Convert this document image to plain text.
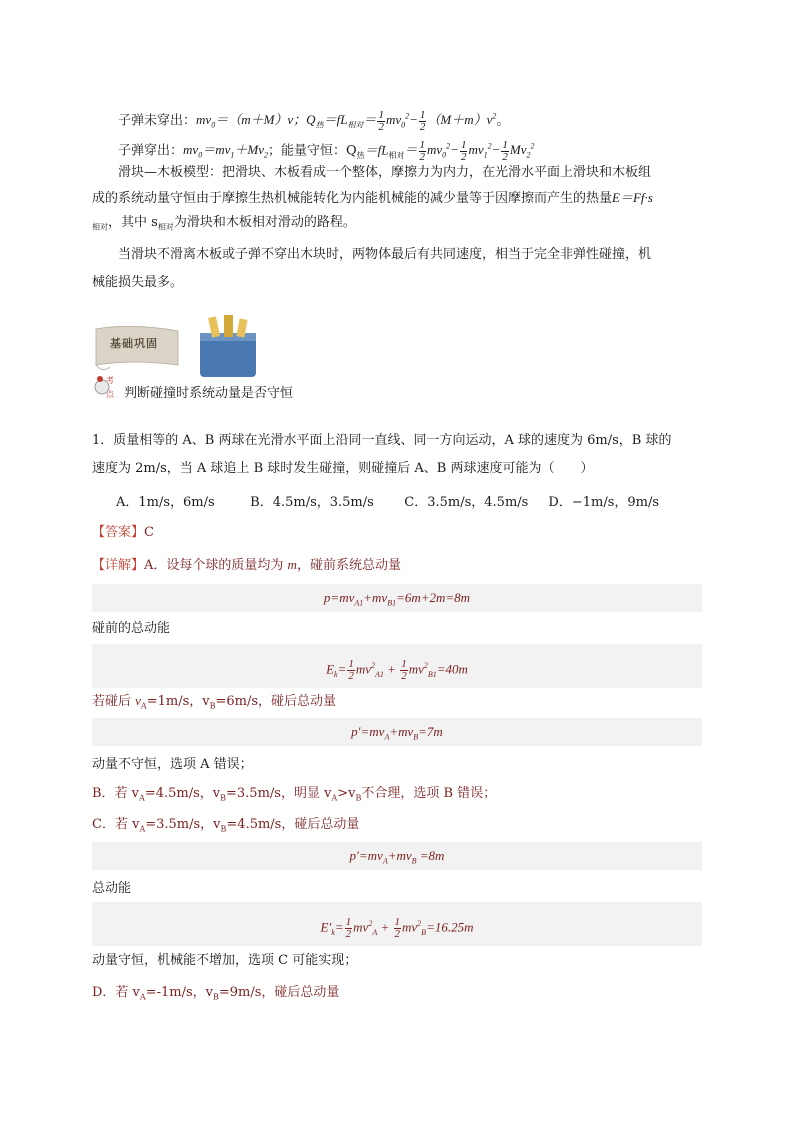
子弹未穿出：$mv_0=(m+M)v$；$Q_热=fL_{相对}= \frac{1}{2} mv_0^2- \frac{1}{2} (M+m)v^2$。
子弹穿出：$mv_0=mv_1+Mv_2$；能量守恒：$Q_热=fL_{相对}= \frac{1}{2} mv_0^2- \frac{1}{2} mv_1^2- \frac{1}{2} Mv_2^2$
滑块—木板模型：把滑块、木板看成一个整体，摩擦力为内力，在光滑水平面上滑块和木板组
成的系统动量守恒由于摩擦生热机械能转化为内能机械能的减少量等于因摩擦而产生的热量E＝Ff·s
$_{相对}$，其中 $s_{相对}$为滑块和木板相对滑动的路程。
当滑块不滑离木板或子弹不穿出木块时，两物体最后有共同速度，相当于完全非弹性碰撞，机
械能损失最多。
基础巩固
考
点 判断碰撞时系统动量是否守恒
1．质量相等的 A、B 两球在光滑水平面上沿同一直线、同一方向运动，A 球的速度为 6m/s，B 球的
速度为 2m/s，当 A 球追上 B 球时发生碰撞，则碰撞后 A、B 两球速度可能为（　　）
A．1m/s，6m/s	B．4.5m/s，3.5m/s C．3.5m/s，4.5m/s D．−1m/s，9m/s
【答案】C
【详解】A．设每个球的质量均为 m，碰前系统总动量
$p=mv_{A1}+mv_{B1}=6m+2m=8m$
碰前的总动能
$E_k= \frac{1}{2} mv^2_{A1} + \frac{1}{2} mv^2_{B1}=40m$
若碰后 $v_A=1m/s$，$v_B=6m/s$，碰后总动量
$p'=mv_A+mv_B=7m$
动量不守恒，选项 A 错误；
B．若 $v_A=4.5m/s$，$v_B=3.5m/s$，明显 $v_A>v_B$不合理，选项 B 错误；
C．若 $v_A=3.5m/s$，$v_B=4.5m/s$，碰后总动量
$p'=mv_A+mv_B =8m$
总动能
$E'_k= \frac{1}{2} mv^2_A + \frac{1}{2} mv^2_B=16.25m$
动量守恒，机械能不增加，选项 C 可能实现；
D．若 $v_A=-1m/s$，$v_B=9m/s$，碰后总动量
